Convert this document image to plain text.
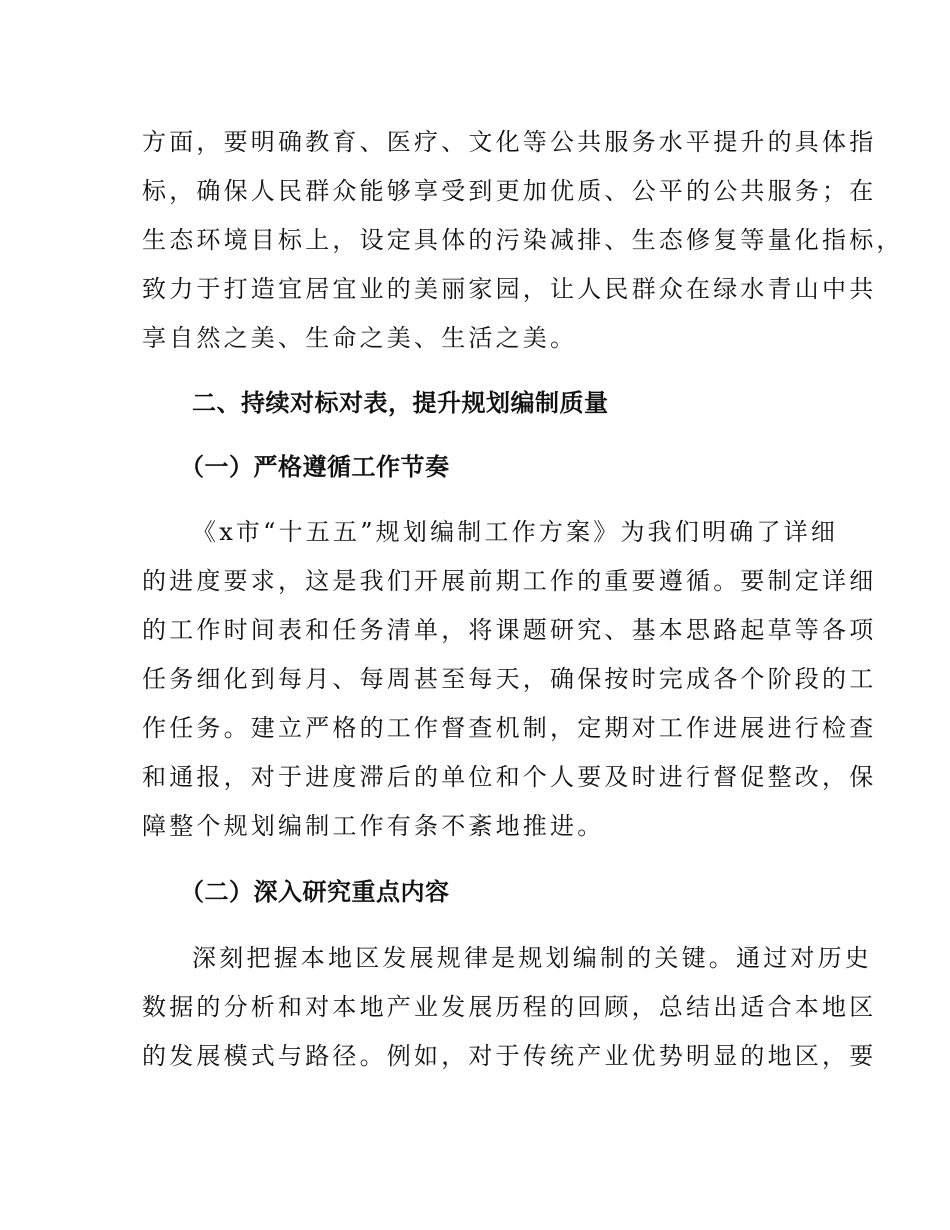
方面，要明确教育、医疗、文化等公共服务水平提升的具体指
标，确保人民群众能够享受到更加优质、公平的公共服务；在
生态环境目标上，设定具体的污染减排、生态修复等量化指标，
致力于打造宜居宜业的美丽家园，让人民群众在绿水青山中共
享自然之美、生命之美、生活之美。
二、持续对标对表，提升规划编制质量
（一）严格遵循工作节奏
《x市“十五五”规划编制工作方案》为我们明确了详细
的进度要求，这是我们开展前期工作的重要遵循。要制定详细
的工作时间表和任务清单，将课题研究、基本思路起草等各项
任务细化到每月、每周甚至每天，确保按时完成各个阶段的工
作任务。建立严格的工作督查机制，定期对工作进展进行检查
和通报，对于进度滞后的单位和个人要及时进行督促整改，保
障整个规划编制工作有条不紊地推进。
（二）深入研究重点内容
深刻把握本地区发展规律是规划编制的关键。通过对历史
数据的分析和对本地产业发展历程的回顾，总结出适合本地区
的发展模式与路径。例如，对于传统产业优势明显的地区，要
